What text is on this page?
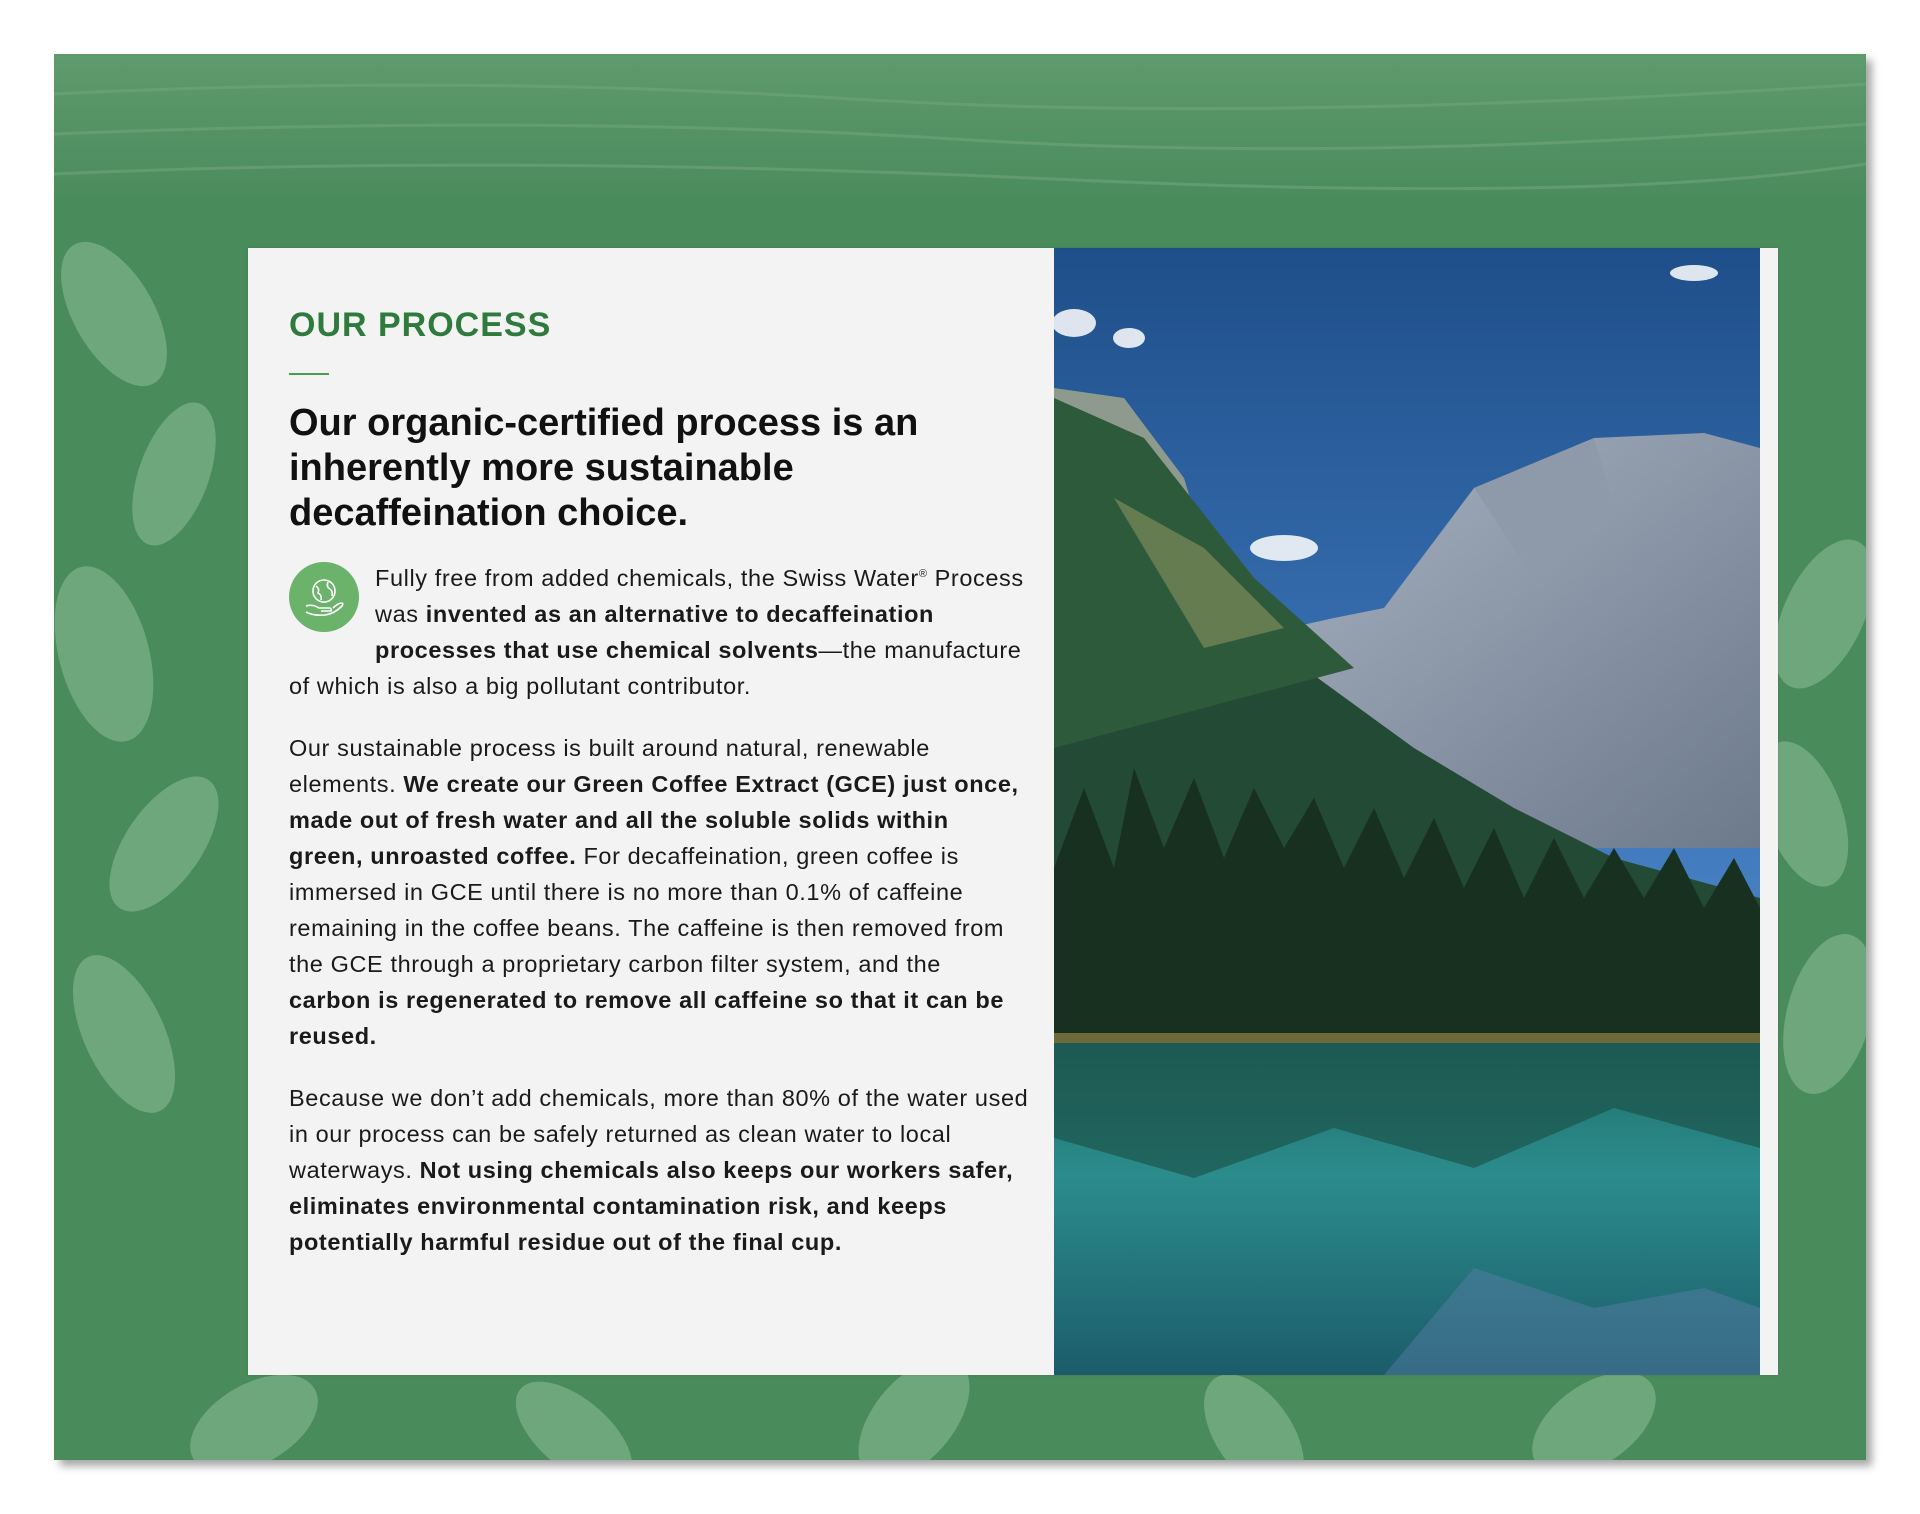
OUR PROCESS
Our organic-certified process is an inherently more sustainable decaffeination choice.

Fully free from added chemicals, the Swiss Water® Process was invented as an alternative to decaffeination processes that use chemical solvents—the manufacture of which is also a big pollutant contributor.

Our sustainable process is built around natural, renewable elements. We create our Green Coffee Extract (GCE) just once, made out of fresh water and all the soluble solids within green, unroasted coffee. For decaffeination, green coffee is immersed in GCE until there is no more than 0.1% of caffeine remaining in the coffee beans. The caffeine is then removed from the GCE through a proprietary carbon filter system, and the carbon is regenerated to remove all caffeine so that it can be reused.

Because we don’t add chemicals, more than 80% of the water used in our process can be safely returned as clean water to local waterways. Not using chemicals also keeps our workers safer, eliminates environmental contamination risk, and keeps potentially harmful residue out of the final cup.
